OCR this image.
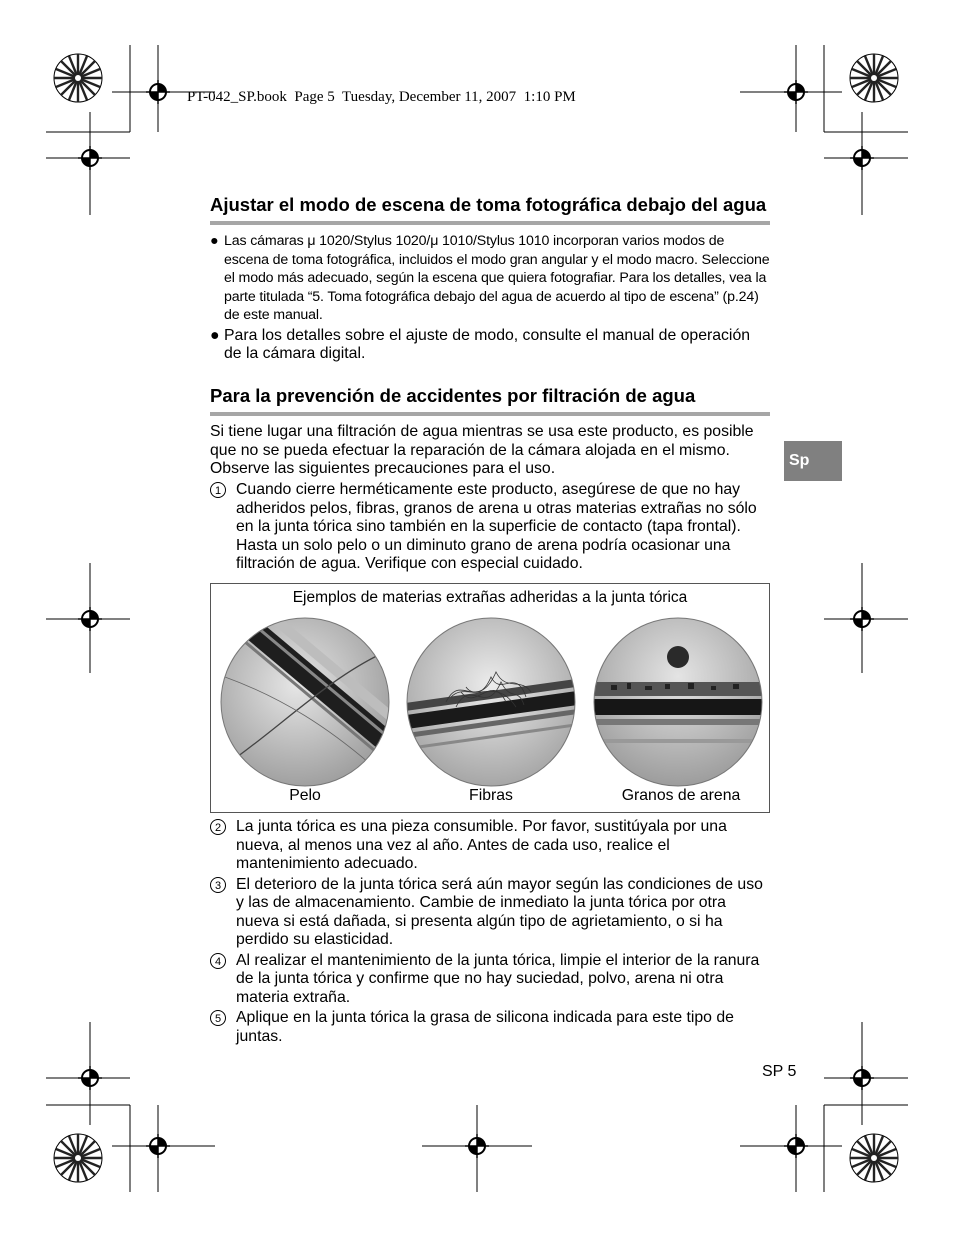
PT-042_SP.book  Page 5  Tuesday, December 11, 2007  1:10 PM
Ajustar el modo de escena de toma fotográfica debajo del agua
● Las cámaras μ 1020/Stylus 1020/μ 1010/Stylus 1010 incorporan varios modos de escena de toma fotográfica, incluidos el modo gran angular y el modo macro. Seleccione el modo más adecuado, según la escena que quiera fotografiar. Para los detalles, vea la parte titulada “5. Toma fotográfica debajo del agua de acuerdo al tipo de escena” (p.24) de este manual.
● Para los detalles sobre el ajuste de modo, consulte el manual de operación de la cámara digital.
Para la prevención de accidentes por filtración de agua
Si tiene lugar una filtración de agua mientras se usa este producto, es posible que no se pueda efectuar la reparación de la cámara alojada en el mismo. Observe las siguientes precauciones para el uso.
1 Cuando cierre herméticamente este producto, asegúrese de que no hay adheridos pelos, fibras, granos de arena u otras materias extrañas no sólo en la junta tórica sino también en la superficie de contacto (tapa frontal). Hasta un solo pelo o un diminuto grano de arena podría ocasionar una filtración de agua. Verifique con especial cuidado.
Sp
Ejemplos de materias extrañas adheridas a la junta tórica
Pelo	Fibras	Granos de arena
2 La junta tórica es una pieza consumible. Por favor, sustitúyala por una nueva, al menos una vez al año. Antes de cada uso, realice el mantenimiento adecuado.
3 El deterioro de la junta tórica será aún mayor según las condiciones de uso y las de almacenamiento. Cambie de inmediato la junta tórica por otra nueva si está dañada, si presenta algún tipo de agrietamiento, o si ha perdido su elasticidad.
4 Al realizar el mantenimiento de la junta tórica, limpie el interior de la ranura de la junta tórica y confirme que no hay suciedad, polvo, arena ni otra materia extraña.
5 Aplique en la junta tórica la grasa de silicona indicada para este tipo de juntas.
SP 5
